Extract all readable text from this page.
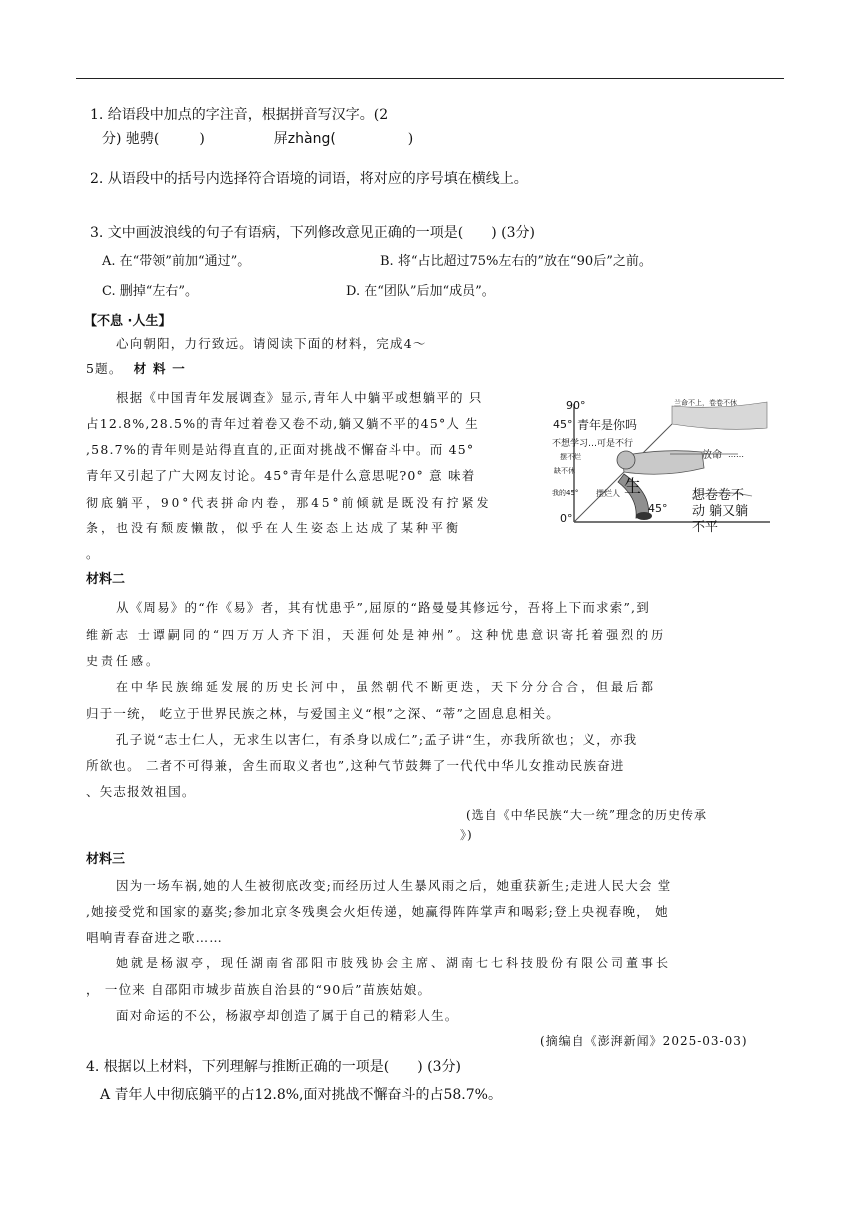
1. 给语段中加点的字注音，根据拼音写汉字。(2
分) 驰骋(	)	屏zhàng(	)
2. 从语段中的括号内选择符合语境的词语，将对应的序号填在横线上。
3. 文中画波浪线的句子有语病，下列修改意见正确的一项是(　　) (3分)
A. 在“带领”前加“通过”。	B. 将“占比超过75%左右的”放在“90后”之前。
C. 删掉“左右”。	D. 在“团队”后加“成员”。
【不息 ·人生】
心向朝阳，力行致远。请阅读下面的材料，完成4～
5题。 材 料 一
根据《中国青年发展调查》显示,青年人中躺平或想躺平的 只
占12.8%,28.5%的青年过着卷又卷不动,躺又躺不平的45°人 生
,58.7%的青年则是站得直直的,正面对挑战不懈奋斗中。而 45°
青年又引起了广大网友讨论。45°青年是什么意思呢?0° 意 味着
彻底躺平，90°代表拼命内卷，那45°前倾就是既没有拧紧发
条，也没有颓废懒散，似乎在人生姿态上达成了某种平衡
。
90°
45° 青年是你吗
兰命不上，卷卷不休
不想学习…可是不行
摆不烂
缺不休
我的45° 摆烂人 生
放命 ……
0°
45°
想卷卷不
动 躺又躺
不平
材料二
从《周易》的“作《易》者，其有忧患乎”,屈原的“路曼曼其修远兮，吾将上下而求索”,到
维新志 士谭嗣同的“四万万人齐下泪，天涯何处是神州”。这种忧患意识寄托着强烈的历
史责任感。
在中华民族绵延发展的历史长河中，虽然朝代不断更迭，天下分分合合，但最后都
归于一统， 屹立于世界民族之林，与爱国主义“根”之深、“蒂”之固息息相关。
孔子说“志士仁人，无求生以害仁，有杀身以成仁”;孟子讲“生，亦我所欲也；义，亦我
所欲也。 二者不可得兼，舍生而取义者也”,这种气节鼓舞了一代代中华儿女推动民族奋进
、矢志报效祖国。
(选自《中华民族“大一统”理念的历史传承
》)
材料三
因为一场车祸,她的人生被彻底改变;而经历过人生暴风雨之后，她重获新生;走进人民大会 堂
,她接受党和国家的嘉奖;参加北京冬残奥会火炬传递，她赢得阵阵掌声和喝彩;登上央视春晚， 她
唱响青春奋进之歌……
她就是杨淑亭，现任湖南省邵阳市肢残协会主席、湖南七七科技股份有限公司董事长
， 一位来 自邵阳市城步苗族自治县的“90后”苗族姑娘。
面对命运的不公，杨淑亭却创造了属于自己的精彩人生。
(摘编自《澎湃新闻》2025-03-03)
4. 根据以上材料，下列理解与推断正确的一项是(　　) (3分)
A 青年人中彻底躺平的占12.8%,面对挑战不懈奋斗的占58.7%。
